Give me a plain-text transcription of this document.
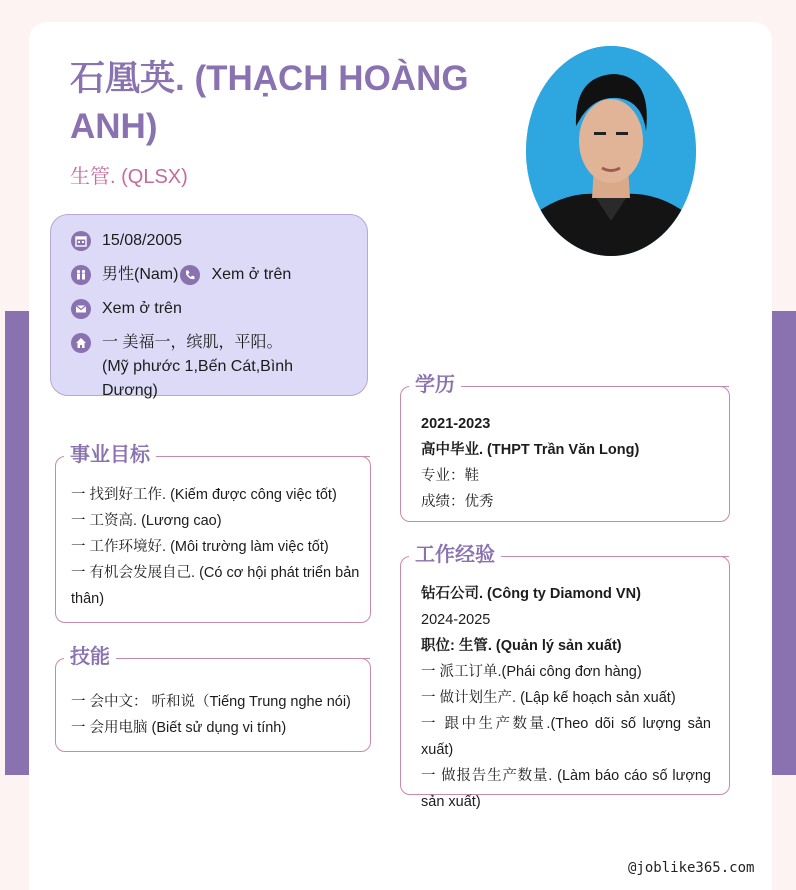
石凰英. (THẠCH HOÀNG ANH)
生管. (QLSX)
15/08/2005
男性(Nam) Xem ở trên
Xem ở trên
一 美福一，缤肌，平阳。(Mỹ phước 1,Bến Cát,Bình Dương)
事业目标
一 找到好工作. (Kiếm được công việc tốt)
一 工资高. (Lương cao)
一 工作环境好. (Môi trường làm việc tốt)
一 有机会发展自己. (Có cơ hội phát triển bản thân)
技能
一 会中文： 听和说（Tiếng Trung nghe nói)
一 会用电脑 (Biết sử dụng vi tính)
学历
2021-2023
高中毕业. (THPT Trần Văn Long)
专业：鞋
成绩：优秀
工作经验
钻石公司. (Công ty Diamond VN)
2024-2025
职位: 生管. (Quản lý sản xuất)
一 派工订单.(Phái công đơn hàng)
一 做计划生产. (Lập kế hoạch sản xuất)
一 跟中生产数量.(Theo dõi số lượng sản xuất)
一 做报告生产数量. (Làm báo cáo số lượng sản xuất)
@joblike365.com
